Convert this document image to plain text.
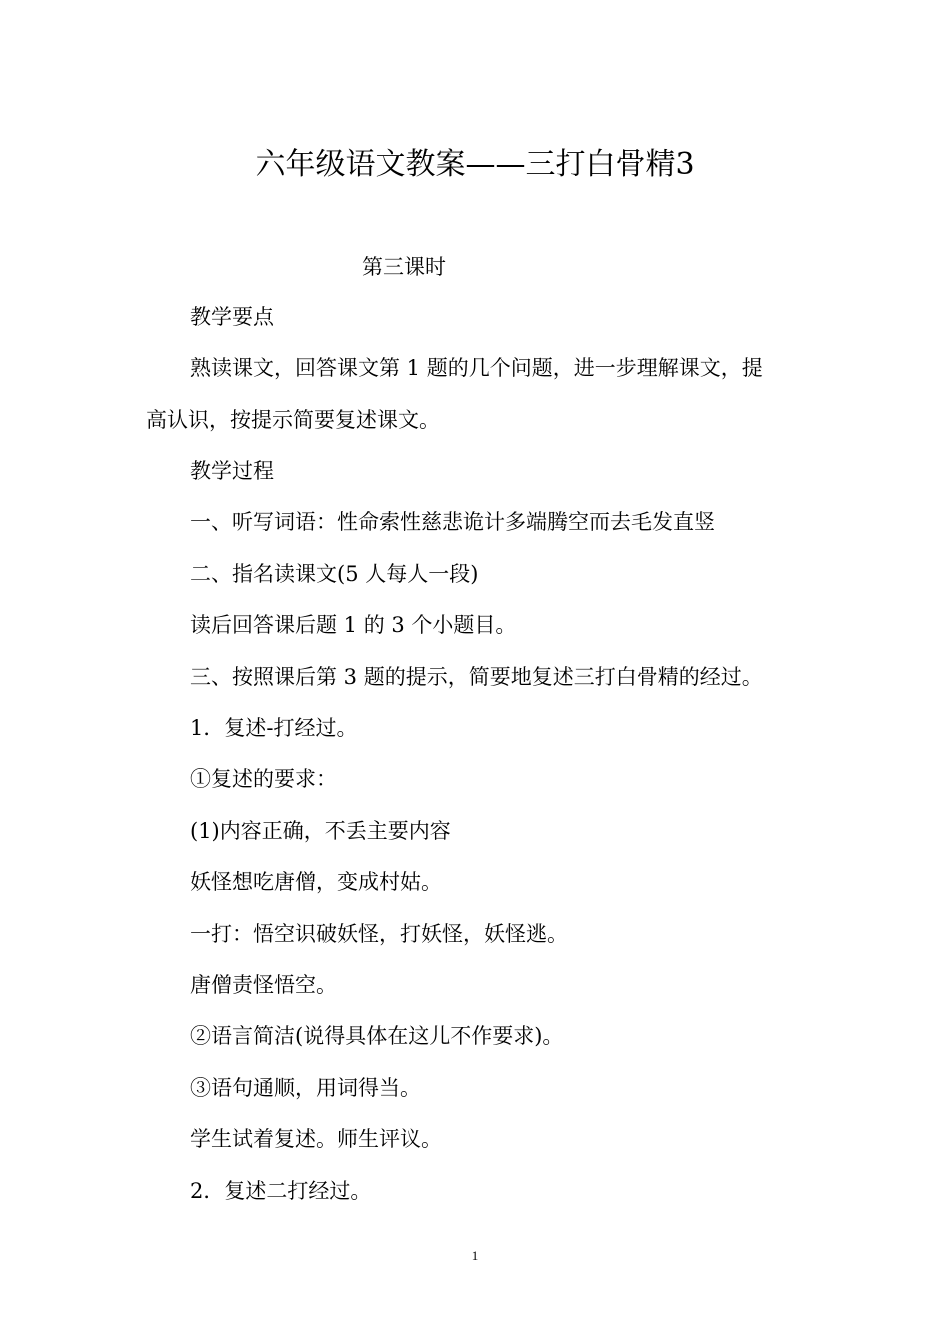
六年级语文教案——三打白骨精3
第三课时
教学要点
熟读课文，回答课文第 1 题的几个问题，进一步理解课文，提
高认识，按提示简要复述课文。
教学过程
一、听写词语：性命索性慈悲诡计多端腾空而去毛发直竖
二、指名读课文(5 人每人一段)
读后回答课后题 1 的 3 个小题目。
三、按照课后第 3 题的提示，简要地复述三打白骨精的经过。
1．复述-打经过。
①复述的要求：
(1)内容正确，不丢主要内容
妖怪想吃唐僧，变成村姑。
一打：悟空识破妖怪，打妖怪，妖怪逃。
唐僧责怪悟空。
②语言简洁(说得具体在这儿不作要求)。
③语句通顺，用词得当。
学生试着复述。师生评议。
2．复述二打经过。
1
